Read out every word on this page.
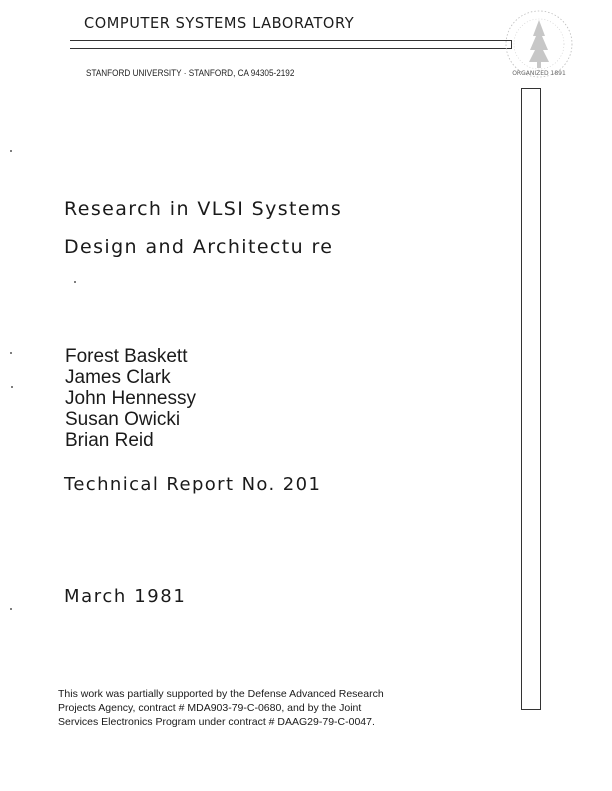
COMPUTER SYSTEMS LABORATORY
STANFORD UNIVERSITY · STANFORD, CA 94305-2192	ORGANIZED 1891
Research in VLSI Systems
Design and Architectu re
Forest Baskett
James Clark
John Hennessy
Susan Owicki
Brian Reid
Technical Report No. 201
March 1981

This work was partially supported by the Defense Advanced Research
Projects Agency, contract # MDA903-79-C-0680, and by the Joint
Services Electronics Program under contract # DAAG29-79-C-0047.
